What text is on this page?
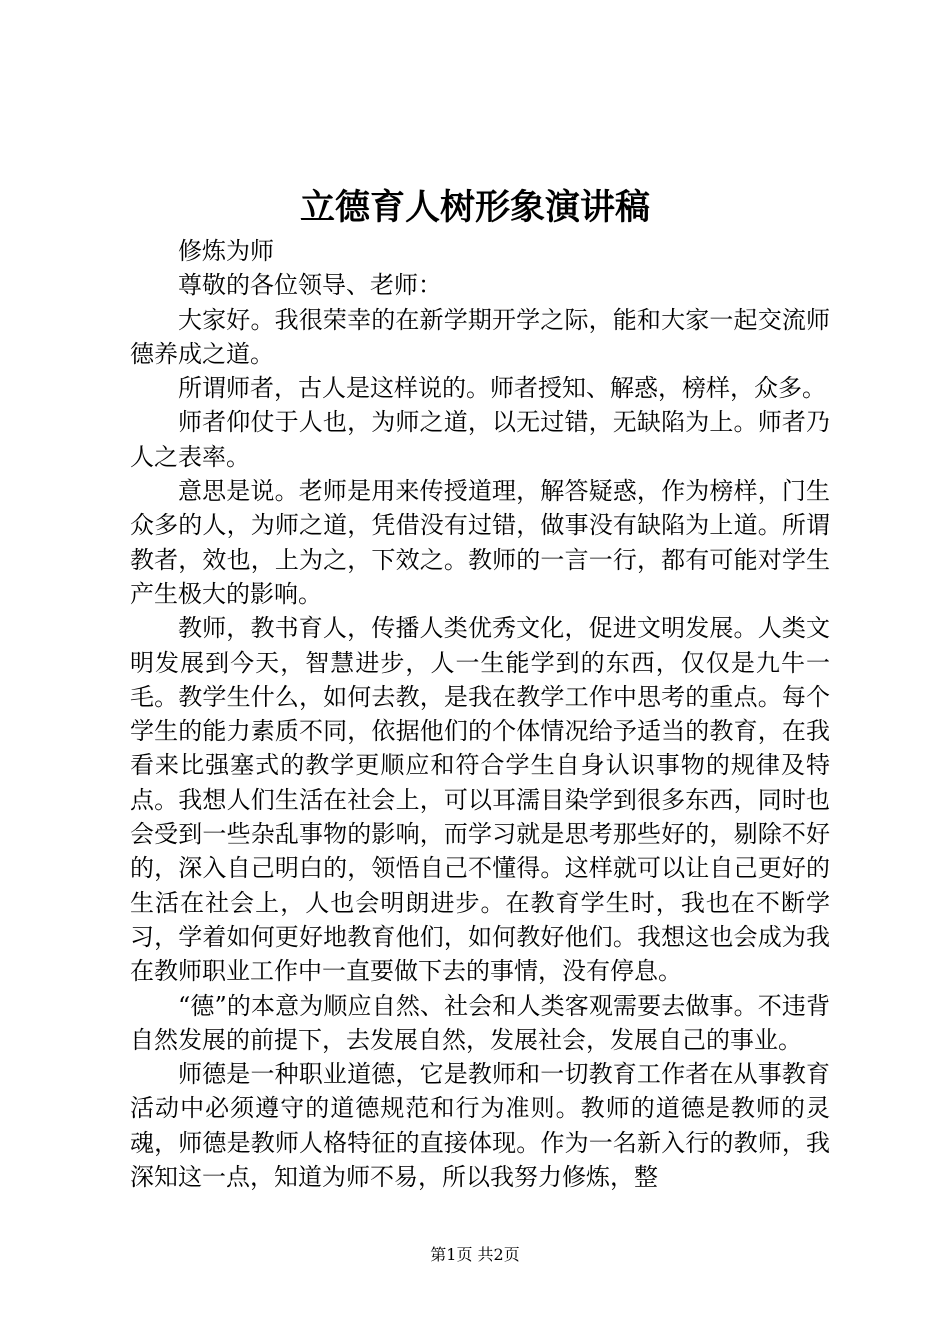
立德育人树形象演讲稿

修炼为师

尊敬的各位领导、老师：

大家好。我很荣幸的在新学期开学之际，能和大家一起交流师德养成之道。

所谓师者，古人是这样说的。师者授知、解惑，榜样，众多。

师者仰仗于人也，为师之道，以无过错，无缺陷为上。师者乃人之表率。

意思是说。老师是用来传授道理，解答疑惑，作为榜样，门生众多的人，为师之道，凭借没有过错，做事没有缺陷为上道。所谓教者，效也，上为之，下效之。教师的一言一行，都有可能对学生产生极大的影响。

教师，教书育人，传播人类优秀文化，促进文明发展。人类文明发展到今天，智慧进步，人一生能学到的东西，仅仅是九牛一毛。教学生什么，如何去教，是我在教学工作中思考的重点。每个学生的能力素质不同，依据他们的个体情况给予适当的教育，在我看来比强塞式的教学更顺应和符合学生自身认识事物的规律及特点。我想人们生活在社会上，可以耳濡目染学到很多东西，同时也会受到一些杂乱事物的影响，而学习就是思考那些好的，剔除不好的，深入自己明白的，领悟自己不懂得。这样就可以让自己更好的生活在社会上，人也会明朗进步。在教育学生时，我也在不断学习，学着如何更好地教育他们，如何教好他们。我想这也会成为我在教师职业工作中一直要做下去的事情，没有停息。

“德”的本意为顺应自然、社会和人类客观需要去做事。不违背自然发展的前提下，去发展自然，发展社会，发展自己的事业。

师德是一种职业道德，它是教师和一切教育工作者在从事教育活动中必须遵守的道德规范和行为准则。教师的道德是教师的灵魂，师德是教师人格特征的直接体现。作为一名新入行的教师，我深知这一点，知道为师不易，所以我努力修炼，整

第1页 共2页
